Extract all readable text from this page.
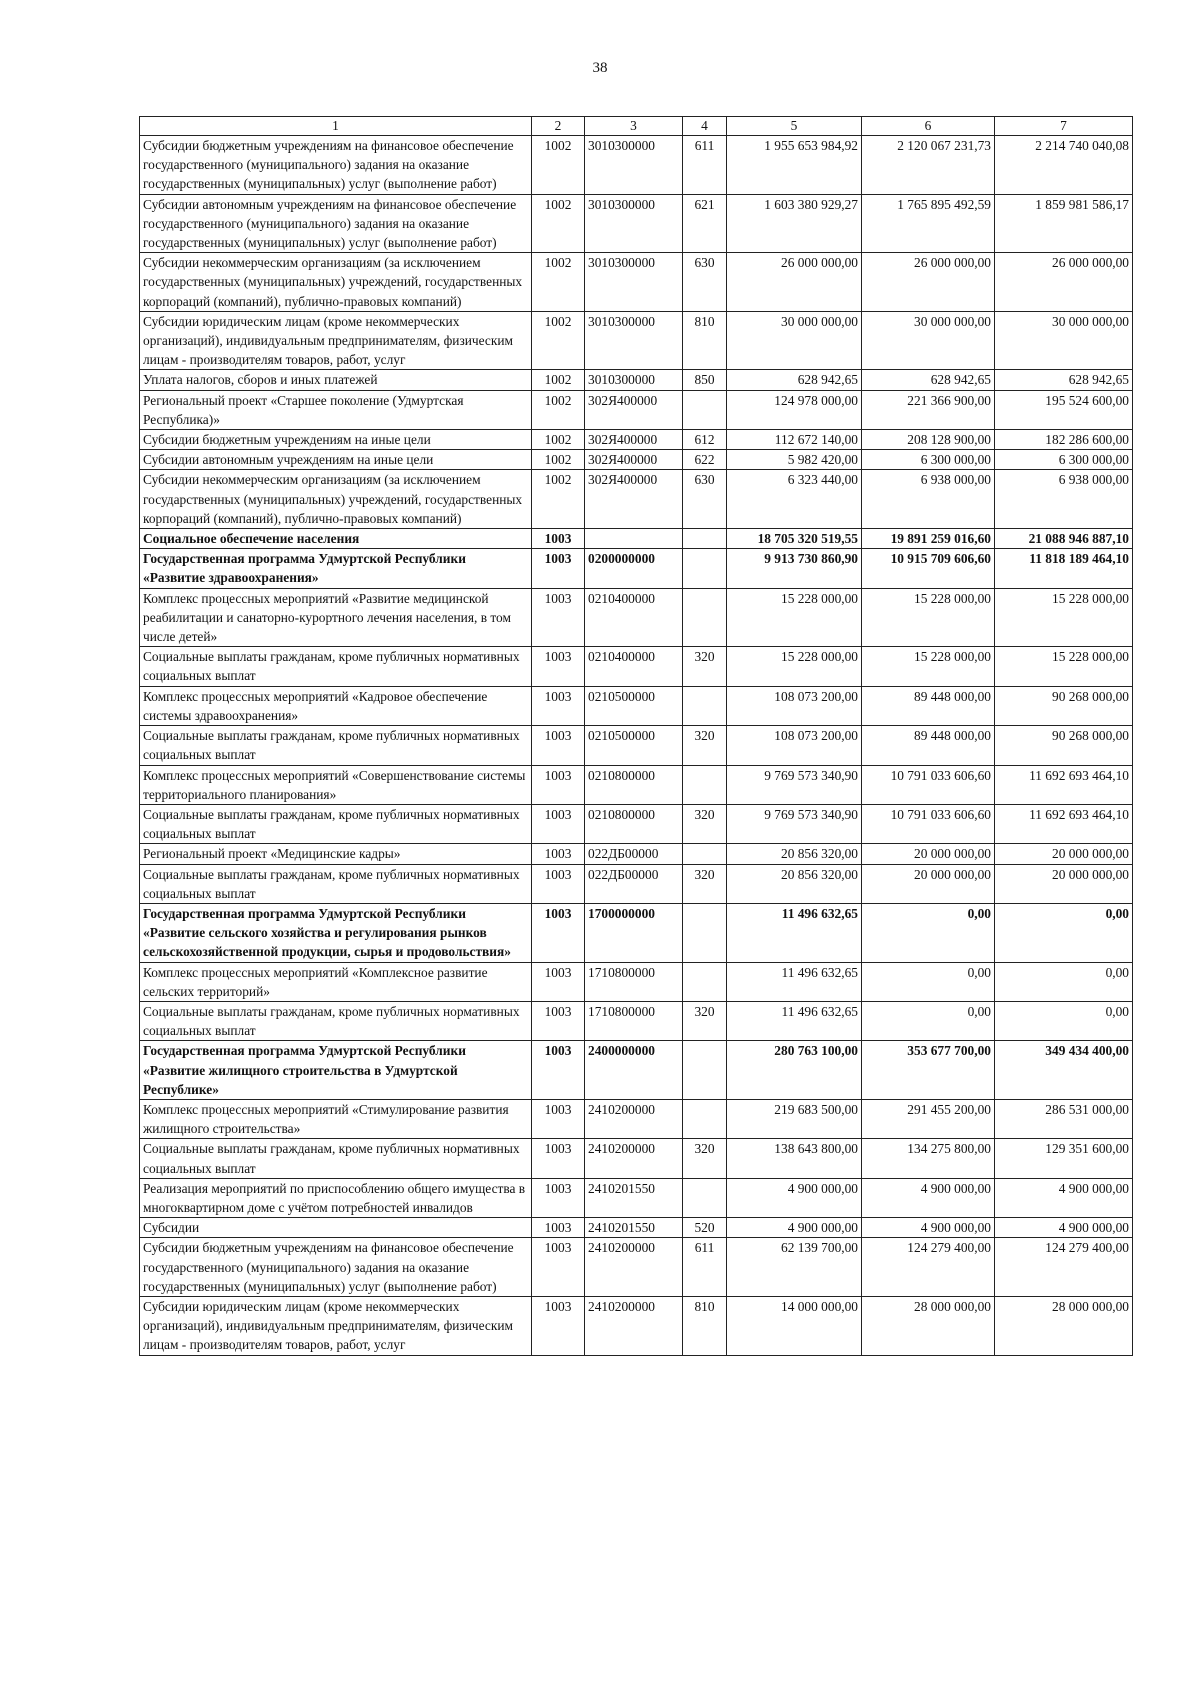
38
1	2	3	4	5	6	7
Субсидии бюджетным учреждениям на финансовое обеспечение государственного (муниципального) задания на оказание государственных (муниципальных) услуг (выполнение работ)	1002	3010300000	611	1 955 653 984,92	2 120 067 231,73	2 214 740 040,08
Субсидии автономным учреждениям на финансовое обеспечение государственного (муниципального) задания на оказание государственных (муниципальных) услуг (выполнение работ)	1002	3010300000	621	1 603 380 929,27	1 765 895 492,59	1 859 981 586,17
Субсидии некоммерческим организациям (за исключением государственных (муниципальных) учреждений, государственных корпораций (компаний), публично-правовых компаний)	1002	3010300000	630	26 000 000,00	26 000 000,00	26 000 000,00
Субсидии юридическим лицам (кроме некоммерческих организаций), индивидуальным предпринимателям, физическим лицам - производителям товаров, работ, услуг	1002	3010300000	810	30 000 000,00	30 000 000,00	30 000 000,00
Уплата налогов, сборов и иных платежей	1002	3010300000	850	628 942,65	628 942,65	628 942,65
Региональный проект «Старшее поколение (Удмуртская Республика)»	1002	302Я400000		124 978 000,00	221 366 900,00	195 524 600,00
Субсидии бюджетным учреждениям на иные цели	1002	302Я400000	612	112 672 140,00	208 128 900,00	182 286 600,00
Субсидии автономным учреждениям на иные цели	1002	302Я400000	622	5 982 420,00	6 300 000,00	6 300 000,00
Субсидии некоммерческим организациям (за исключением государственных (муниципальных) учреждений, государственных корпораций (компаний), публично-правовых компаний)	1002	302Я400000	630	6 323 440,00	6 938 000,00	6 938 000,00
Социальное обеспечение населения	1003			18 705 320 519,55	19 891 259 016,60	21 088 946 887,10
Государственная программа Удмуртской Республики «Развитие здравоохранения»	1003	0200000000		9 913 730 860,90	10 915 709 606,60	11 818 189 464,10
Комплекс процессных мероприятий «Развитие медицинской реабилитации и санаторно-курортного лечения населения, в том числе детей»	1003	0210400000		15 228 000,00	15 228 000,00	15 228 000,00
Социальные выплаты гражданам, кроме публичных нормативных социальных выплат	1003	0210400000	320	15 228 000,00	15 228 000,00	15 228 000,00
Комплекс процессных мероприятий «Кадровое обеспечение системы здравоохранения»	1003	0210500000		108 073 200,00	89 448 000,00	90 268 000,00
Социальные выплаты гражданам, кроме публичных нормативных социальных выплат	1003	0210500000	320	108 073 200,00	89 448 000,00	90 268 000,00
Комплекс процессных мероприятий «Совершенствование системы территориального планирования»	1003	0210800000		9 769 573 340,90	10 791 033 606,60	11 692 693 464,10
Социальные выплаты гражданам, кроме публичных нормативных социальных выплат	1003	0210800000	320	9 769 573 340,90	10 791 033 606,60	11 692 693 464,10
Региональный проект «Медицинские кадры»	1003	022ДБ00000		20 856 320,00	20 000 000,00	20 000 000,00
Социальные выплаты гражданам, кроме публичных нормативных социальных выплат	1003	022ДБ00000	320	20 856 320,00	20 000 000,00	20 000 000,00
Государственная программа Удмуртской Республики «Развитие сельского хозяйства и регулирования рынков сельскохозяйственной продукции, сырья и продовольствия»	1003	1700000000		11 496 632,65	0,00	0,00
Комплекс процессных мероприятий «Комплексное развитие сельских территорий»	1003	1710800000		11 496 632,65	0,00	0,00
Социальные выплаты гражданам, кроме публичных нормативных социальных выплат	1003	1710800000	320	11 496 632,65	0,00	0,00
Государственная программа Удмуртской Республики «Развитие жилищного строительства в Удмуртской Республике»	1003	2400000000		280 763 100,00	353 677 700,00	349 434 400,00
Комплекс процессных мероприятий «Стимулирование развития жилищного строительства»	1003	2410200000		219 683 500,00	291 455 200,00	286 531 000,00
Социальные выплаты гражданам, кроме публичных нормативных социальных выплат	1003	2410200000	320	138 643 800,00	134 275 800,00	129 351 600,00
Реализация мероприятий по приспособлению общего имущества в многоквартирном доме с учётом потребностей инвалидов	1003	2410201550		4 900 000,00	4 900 000,00	4 900 000,00
Субсидии	1003	2410201550	520	4 900 000,00	4 900 000,00	4 900 000,00
Субсидии бюджетным учреждениям на финансовое обеспечение государственного (муниципального) задания на оказание государственных (муниципальных) услуг (выполнение работ)	1003	2410200000	611	62 139 700,00	124 279 400,00	124 279 400,00
Субсидии юридическим лицам (кроме некоммерческих организаций), индивидуальным предпринимателям, физическим лицам - производителям товаров, работ, услуг	1003	2410200000	810	14 000 000,00	28 000 000,00	28 000 000,00
